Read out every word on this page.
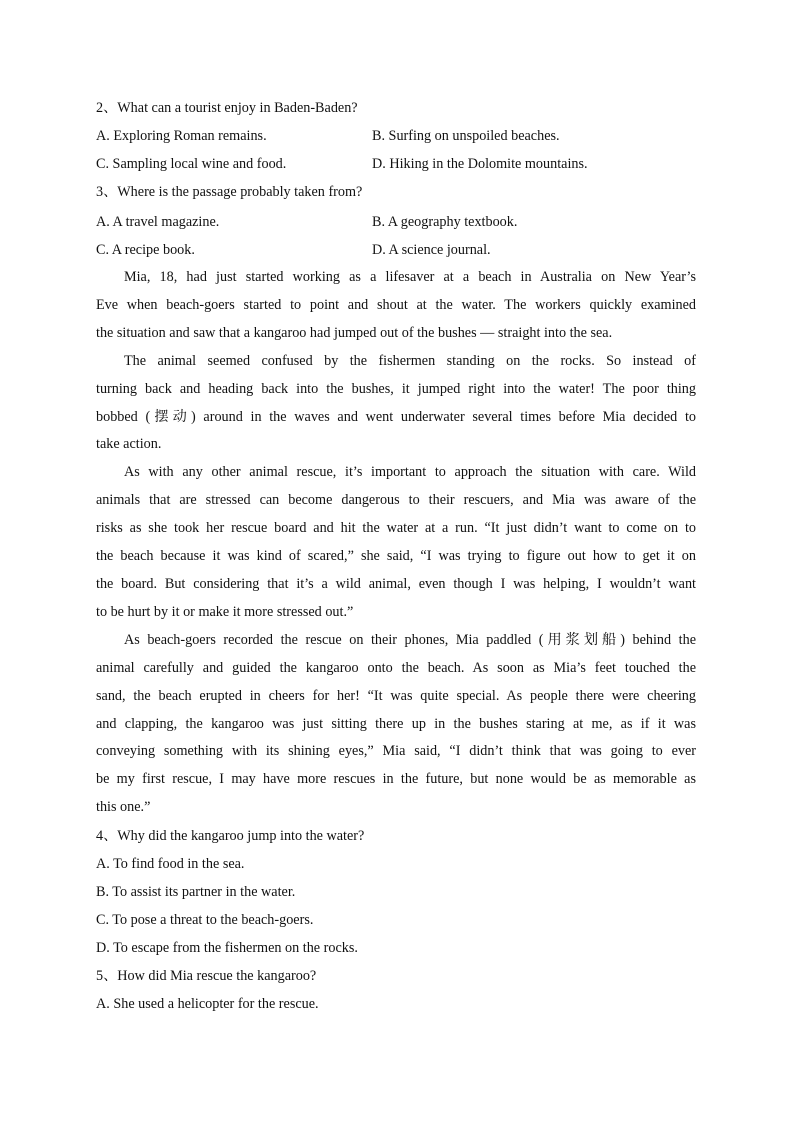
2、What can a tourist enjoy in Baden-Baden?
A. Exploring Roman remains.	B. Surfing on unspoiled beaches.
C. Sampling local wine and food.	D. Hiking in the Dolomite mountains.
3、Where is the passage probably taken from?
A. A travel magazine.	B. A geography textbook.
C. A recipe book.	D. A science journal.

Mia, 18, had just started working as a lifesaver at a beach in Australia on New Year’s
Eve when beach-goers started to point and shout at the water. The workers quickly examined
the situation and saw that a kangaroo had jumped out of the bushes — straight into the sea.

The animal seemed confused by the fishermen standing on the rocks. So instead of
turning back and heading back into the bushes, it jumped right into the water! The poor thing
bobbed (摆动) around in the waves and went underwater several times before Mia decided to
take action.

As with any other animal rescue, it’s important to approach the situation with care. Wild
animals that are stressed can become dangerous to their rescuers, and Mia was aware of the
risks as she took her rescue board and hit the water at a run. “It just didn’t want to come on to
the beach because it was kind of scared,” she said, “I was trying to figure out how to get it on
the board. But considering that it’s a wild animal, even though I was helping, I wouldn’t want
to be hurt by it or make it more stressed out.”

As beach-goers recorded the rescue on their phones, Mia paddled (用浆划船) behind the
animal carefully and guided the kangaroo onto the beach. As soon as Mia’s feet touched the
sand, the beach erupted in cheers for her! “It was quite special. As people there were cheering
and clapping, the kangaroo was just sitting there up in the bushes staring at me, as if it was
conveying something with its shining eyes,” Mia said, “I didn’t think that was going to ever
be my first rescue, I may have more rescues in the future, but none would be as memorable as
this one.”

4、Why did the kangaroo jump into the water?
A. To find food in the sea.
B. To assist its partner in the water.
C. To pose a threat to the beach-goers.
D. To escape from the fishermen on the rocks.
5、How did Mia rescue the kangaroo?
A. She used a helicopter for the rescue.
